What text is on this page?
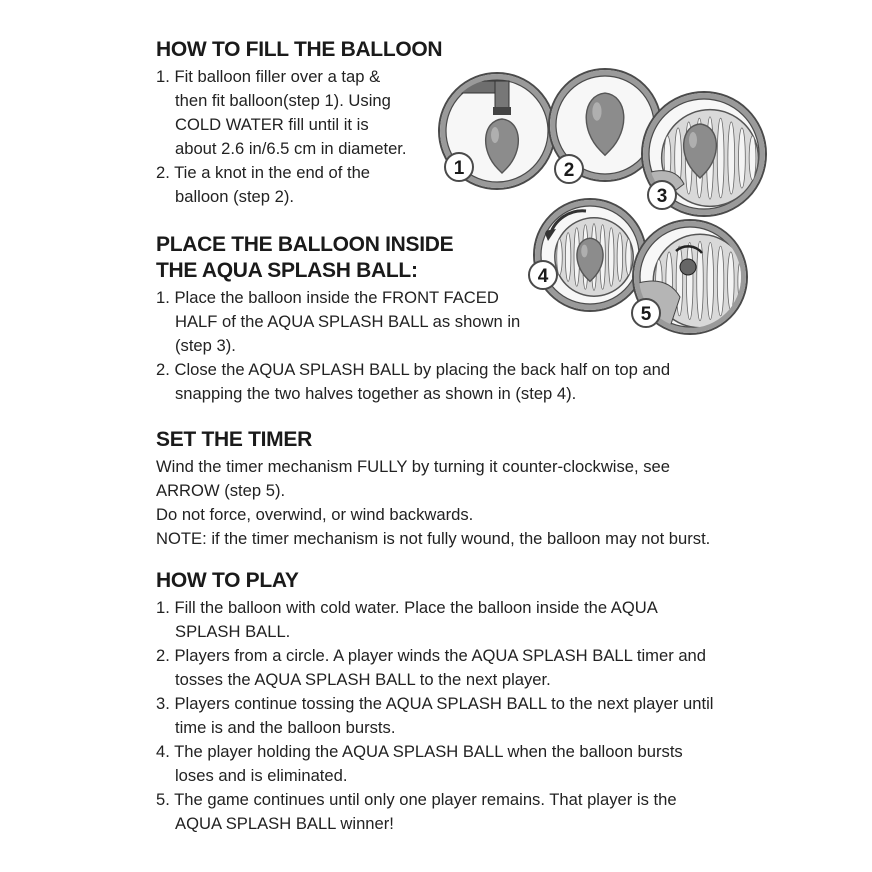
HOW TO FILL THE BALLOON

1. Fit balloon filler over a tap &

then fit balloon(step 1). Using

COLD WATER fill until it is

about 2.6 in/6.5 cm in diameter.

2. Tie a knot in the end of the

balloon (step 2).

PLACE THE BALLOON INSIDE
THE AQUA SPLASH BALL:

1. Place the balloon inside the FRONT FACED

HALF of the AQUA SPLASH BALL as shown in

(step 3).

2. Close the AQUA SPLASH BALL by placing the back half on top and

snapping the two halves together as shown in (step 4).

SET THE TIMER

Wind the timer mechanism FULLY by turning it counter-clockwise, see

ARROW (step 5).

Do not force, overwind, or wind backwards.

NOTE: if the timer mechanism is not fully wound, the balloon may not burst.

HOW TO PLAY

1. Fill the balloon with cold water. Place the balloon inside the AQUA

SPLASH BALL.

2. Players from a circle. A player winds the AQUA SPLASH BALL timer and

tosses the AQUA SPLASH BALL to the next player.

3. Players continue tossing the AQUA SPLASH BALL to the next player until

time is and the balloon bursts.

4. The player holding the AQUA SPLASH BALL when the balloon bursts

loses and is eliminated.

5. The game continues until only one player remains. That player is the

AQUA SPLASH BALL winner!

1	2
3
4
5
